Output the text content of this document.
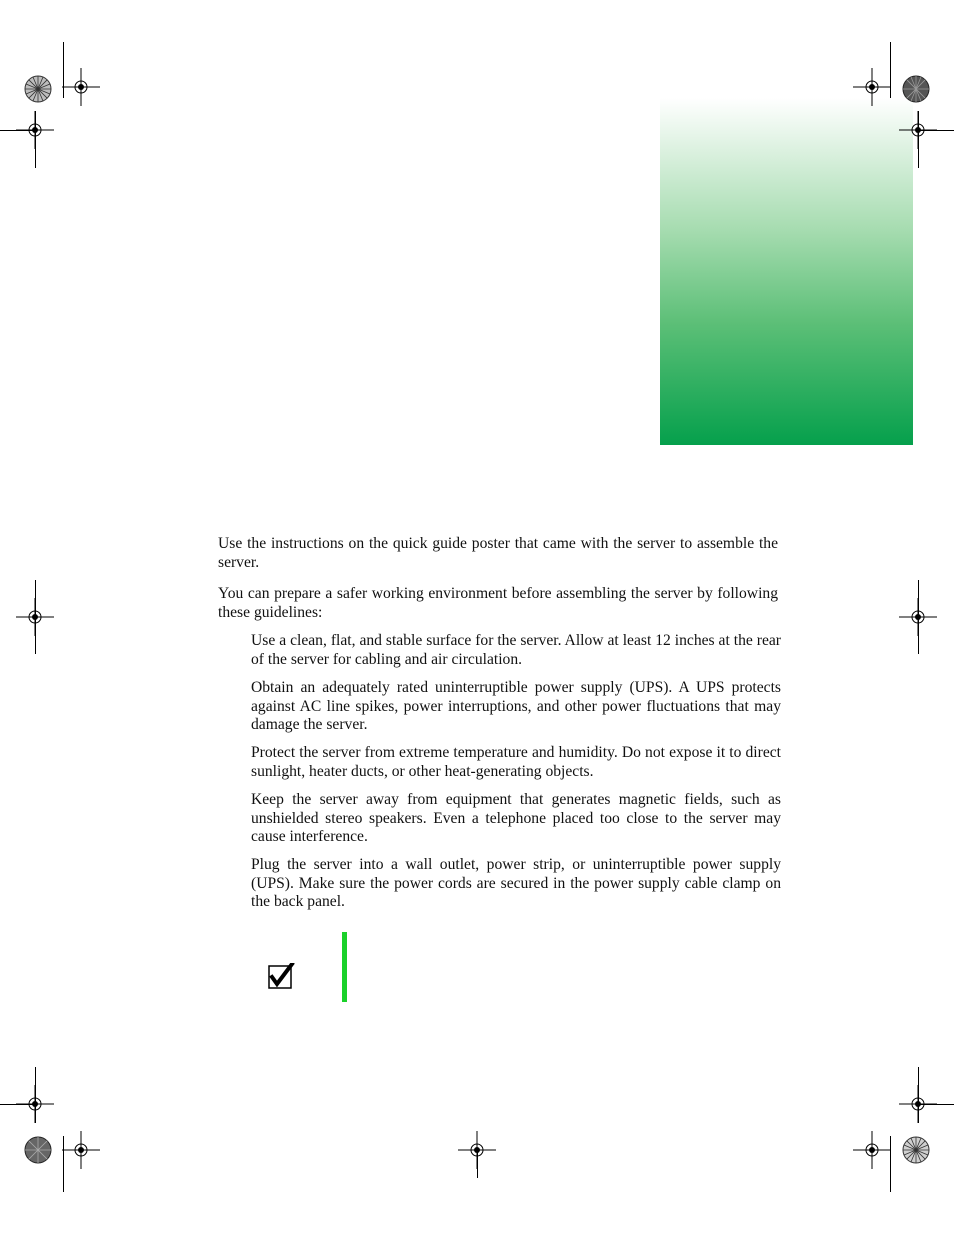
Use the instructions on the quick guide poster that came with the server to assemble the server.

You can prepare a safer working environment before assembling the server by following these guidelines:

Use a clean, flat, and stable surface for the server. Allow at least 12 inches at the rear of the server for cabling and air circulation.

Obtain an adequately rated uninterruptible power supply (UPS). A UPS protects against AC line spikes, power interruptions, and other power fluctuations that may damage the server.

Protect the server from extreme temperature and humidity. Do not expose it to direct sunlight, heater ducts, or other heat-generating objects.

Keep the server away from equipment that generates magnetic fields, such as unshielded stereo speakers. Even a telephone placed too close to the server may cause interference.

Plug the server into a wall outlet, power strip, or uninterruptible power supply (UPS). Make sure the power cords are secured in the power supply cable clamp on the back panel.
